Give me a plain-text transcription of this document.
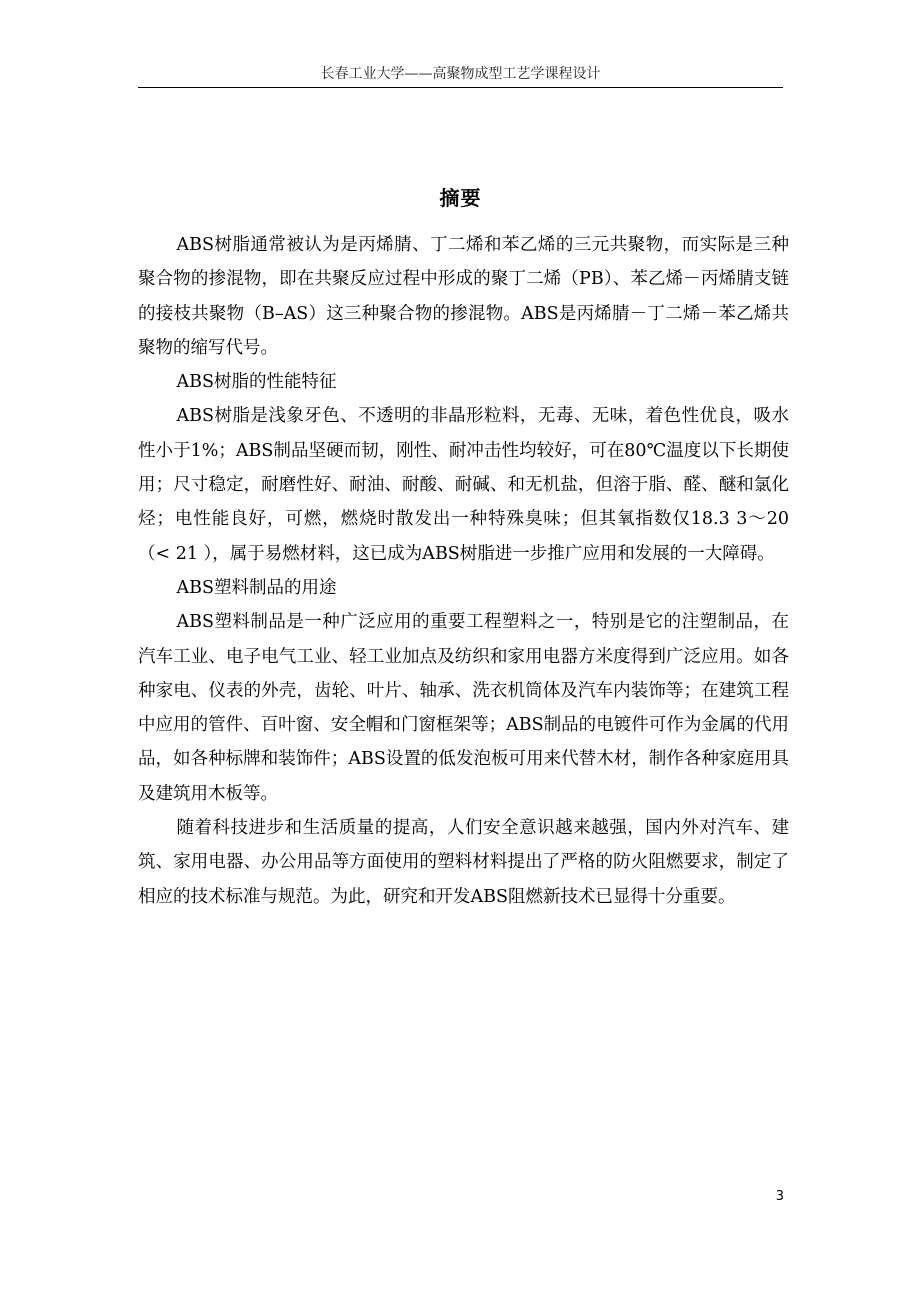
长春工业大学——高聚物成型工艺学课程设计
摘要

ABS树脂通常被认为是丙烯腈、丁二烯和苯乙烯的三元共聚物，而实际是三种聚合物的掺混物，即在共聚反应过程中形成的聚丁二烯（PB）、苯乙烯－丙烯腈支链的接枝共聚物（B–AS）这三种聚合物的掺混物。ABS是丙烯腈－丁二烯－苯乙烯共聚物的缩写代号。

ABS树脂的性能特征

ABS树脂是浅象牙色、不透明的非晶形粒料，无毒、无味，着色性优良，吸水性小于1%；ABS制品坚硬而韧，刚性、耐冲击性均较好，可在80℃温度以下长期使用；尺寸稳定，耐磨性好、耐油、耐酸、耐碱、和无机盐，但溶于脂、醛、醚和氯化烃；电性能良好，可燃，燃烧时散发出一种特殊臭味；但其氧指数仅18.3 3～20（< 21 ），属于易燃材料，这已成为ABS树脂进一步推广应用和发展的一大障碍。

ABS塑料制品的用途

ABS塑料制品是一种广泛应用的重要工程塑料之一，特别是它的注塑制品，在汽车工业、电子电气工业、轻工业加点及纺织和家用电器方米度得到广泛应用。如各种家电、仪表的外壳，齿轮、叶片、轴承、洗衣机筒体及汽车内装饰等；在建筑工程中应用的管件、百叶窗、安全帽和门窗框架等；ABS制品的电镀件可作为金属的代用品，如各种标牌和装饰件；ABS设置的低发泡板可用来代替木材，制作各种家庭用具及建筑用木板等。

随着科技进步和生活质量的提高，人们安全意识越来越强，国内外对汽车、建筑、家用电器、办公用品等方面使用的塑料材料提出了严格的防火阻燃要求，制定了相应的技术标准与规范。为此，研究和开发ABS阻燃新技术已显得十分重要。

3
